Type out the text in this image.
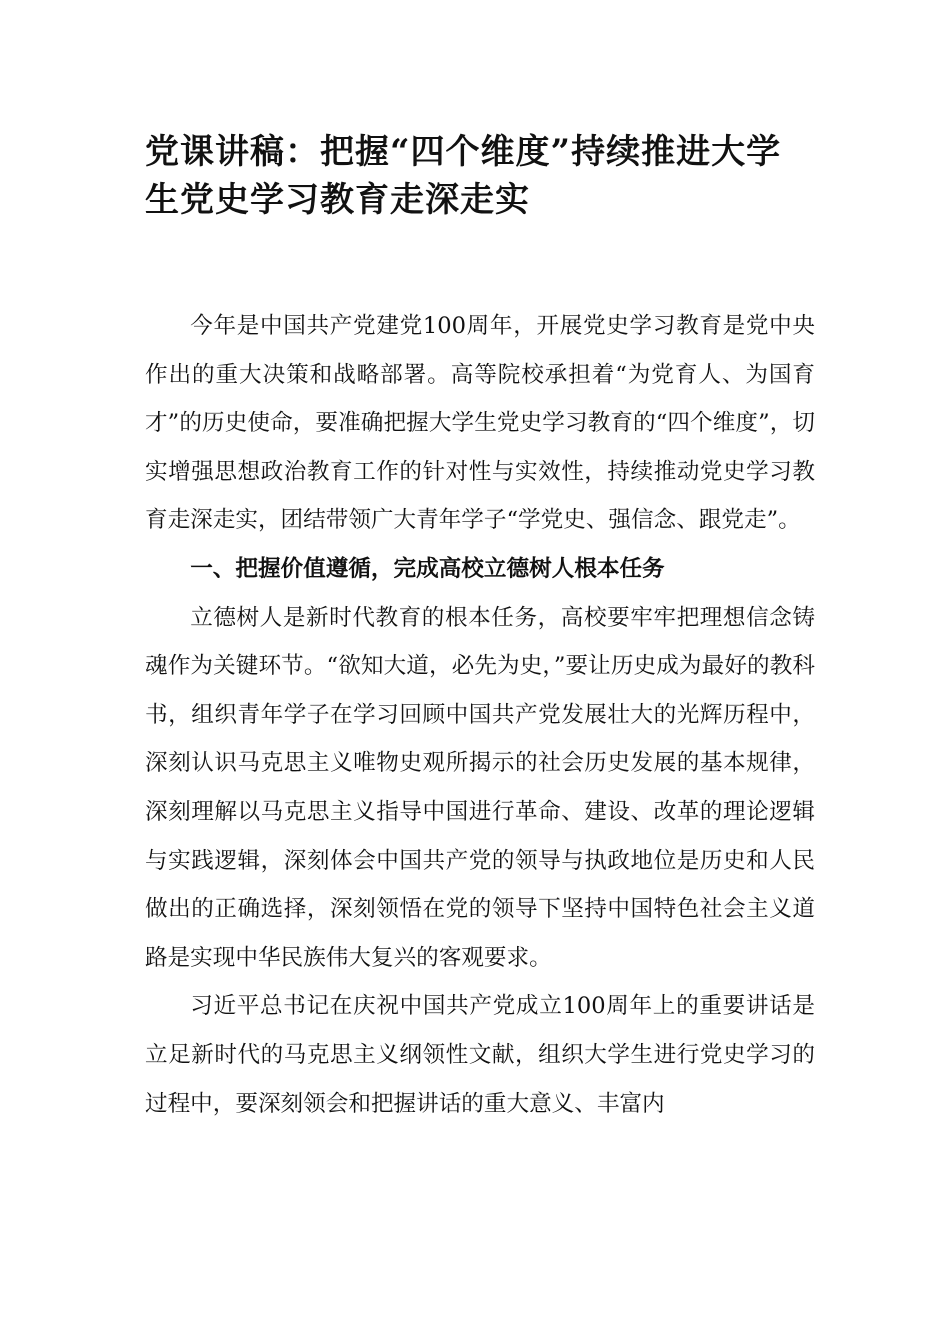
党课讲稿：把握“四个维度”持续推进大学生党史学习教育走深走实

今年是中国共产党建党100周年，开展党史学习教育是党中央作出的重大决策和战略部署。高等院校承担着“为党育人、为国育才”的历史使命，要准确把握大学生党史学习教育的“四个维度”，切实增强思想政治教育工作的针对性与实效性，持续推动党史学习教育走深走实，团结带领广大青年学子“学党史、强信念、跟党走”。

一、把握价值遵循，完成高校立德树人根本任务

立德树人是新时代教育的根本任务，高校要牢牢把理想信念铸魂作为关键环节。“欲知大道，必先为史，”要让历史成为最好的教科书，组织青年学子在学习回顾中国共产党发展壮大的光辉历程中，深刻认识马克思主义唯物史观所揭示的社会历史发展的基本规律，深刻理解以马克思主义指导中国进行革命、建设、改革的理论逻辑与实践逻辑，深刻体会中国共产党的领导与执政地位是历史和人民做出的正确选择，深刻领悟在党的领导下坚持中国特色社会主义道路是实现中华民族伟大复兴的客观要求。

习近平总书记在庆祝中国共产党成立100周年上的重要讲话是立足新时代的马克思主义纲领性文献，组织大学生进行党史学习的过程中，要深刻领会和把握讲话的重大意义、丰富内
